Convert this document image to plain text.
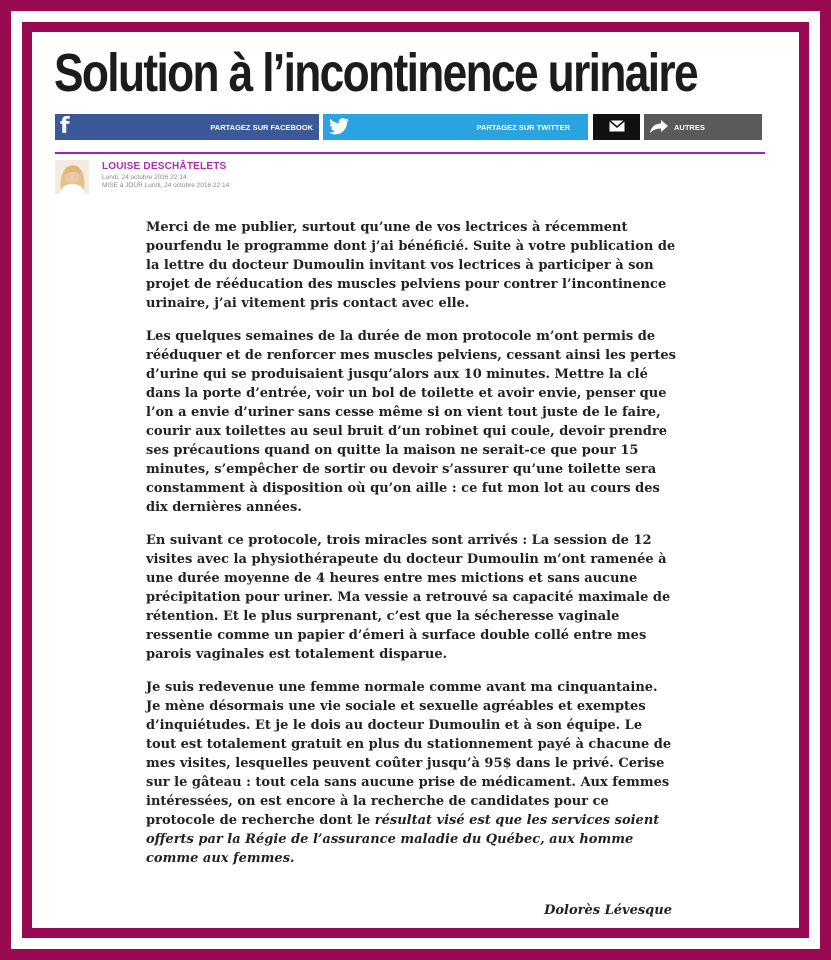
Solution à l’incontinence urinaire
f	PARTAGEZ SUR FACEBOOK	PARTAGEZ SUR TWITTER	AUTRES
LOUISE DESCHÂTELETS
Lundi, 24 octobre 2016 22:14
MISE à JOUR Lundi, 24 octobre 2016 22:14

Merci de me publier, surtout qu’une de vos lectrices à récemment pourfendu le programme dont j’ai bénéficié. Suite à votre publication de la lettre du docteur Dumoulin invitant vos lectrices à participer à son projet de rééducation des muscles pelviens pour contrer l’incontinence urinaire, j’ai vitement pris contact avec elle.

Les quelques semaines de la durée de mon protocole m’ont permis de rééduquer et de renforcer mes muscles pelviens, cessant ainsi les pertes d’urine qui se produisaient jusqu’alors aux 10 minutes. Mettre la clé dans la porte d’entrée, voir un bol de toilette et avoir envie, penser que l’on a envie d’uriner sans cesse même si on vient tout juste de le faire, courir aux toilettes au seul bruit d’un robinet qui coule, devoir prendre ses précautions quand on quitte la maison ne serait-ce que pour 15 minutes, s’empêcher de sortir ou devoir s’assurer qu’une toilette sera constamment à disposition où qu’on aille : ce fut mon lot au cours des dix dernières années.

En suivant ce protocole, trois miracles sont arrivés : La session de 12 visites avec la physiothérapeute du docteur Dumoulin m’ont ramenée à une durée moyenne de 4 heures entre mes mictions et sans aucune précipitation pour uriner. Ma vessie a retrouvé sa capacité maximale de rétention. Et le plus surprenant, c’est que la sécheresse vaginale ressentie comme un papier d’émeri à surface double collé entre mes parois vaginales est totalement disparue.

Je suis redevenue une femme normale comme avant ma cinquantaine. Je mène désormais une vie sociale et sexuelle agréables et exemptes d’inquiétudes. Et je le dois au docteur Dumoulin et à son équipe. Le tout est totalement gratuit en plus du stationnement payé à chacune de mes visites, lesquelles peuvent coûter jusqu’à 95$ dans le privé. Cerise sur le gâteau : tout cela sans aucune prise de médicament. Aux femmes intéressées, on est encore à la recherche de candidates pour ce protocole de recherche dont le résultat visé est que les services soient offerts par la Régie de l’assurance maladie du Québec, aux homme comme aux femmes.

Dolorès Lévesque
